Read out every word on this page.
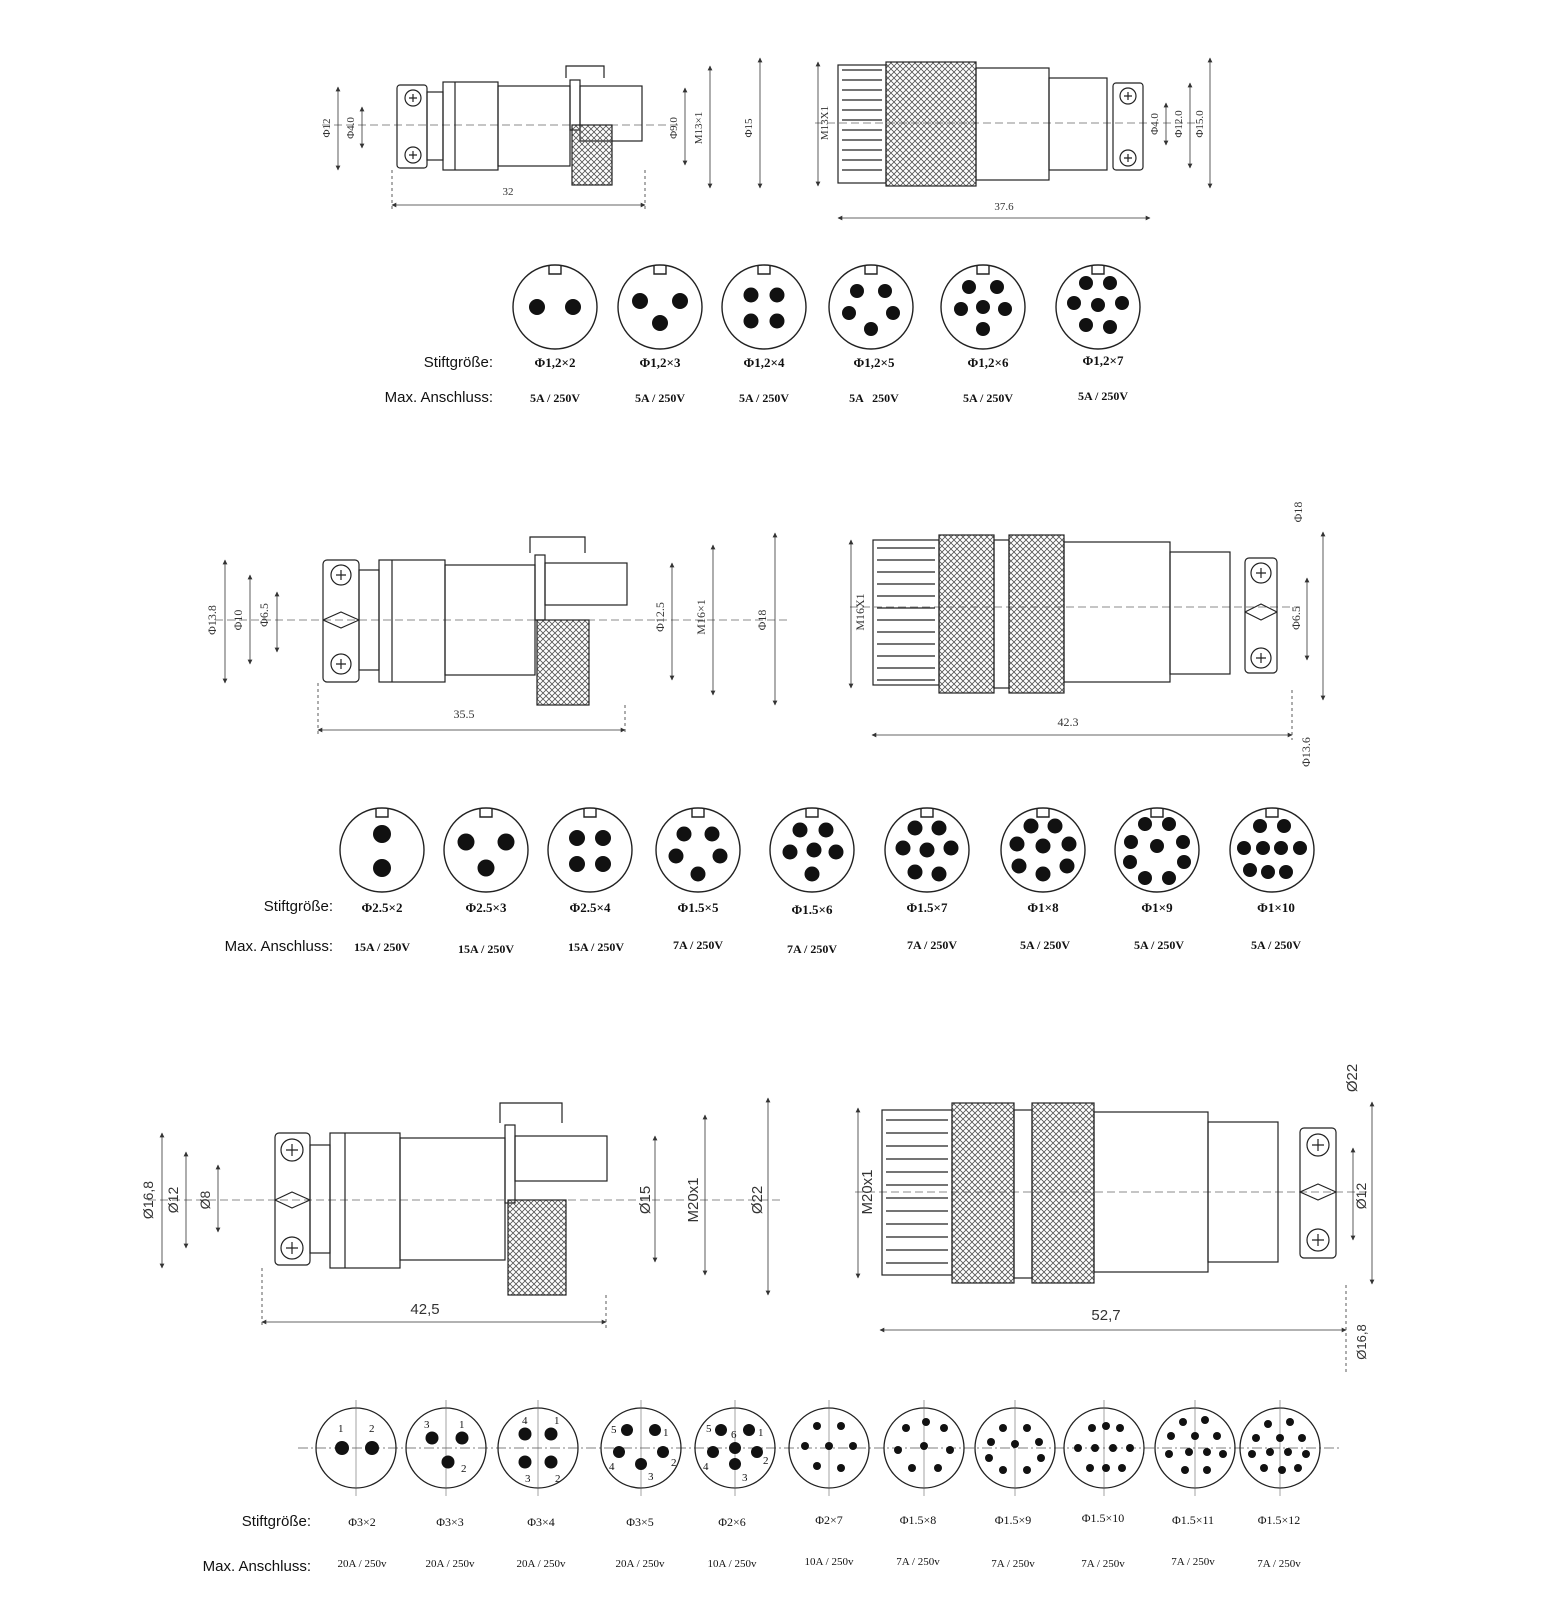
Φ12 Φ4.0	Φ9.0 M13×1	Φ15
32
M13X1	Φ4.0 Φ12.0 Φ15.0
37.6
Stiftgröße:
Max. Anschluss:
Φ1,2×2	Φ1,2×3	Φ1,2×4	Φ1,2×5	Φ1,2×6	Φ1,2×7
5A / 250V	5A / 250V	5A / 250V	5A   250V	5A / 250V	5A / 250V
Φ13.8 Φ10 Φ6.5	Φ12.5 M16×1	Φ18
35.5
M16X1
Φ18
Φ6.5
Φ13.6
42.3
Stiftgröße:
Max. Anschluss:
Φ2.5×2	Φ2.5×3	Φ2.5×4	Φ1.5×5	Φ1.5×6	Φ1.5×7	Φ1×8	Φ1×9	Φ1×10
15A / 250V	15A / 250V	15A / 250V	7A / 250V	7A / 250V	7A / 250V	5A / 250V	5A / 250V	5A / 250V
Ø16,8 Ø12 Ø8	Ø15 M20x1	Ø22
42,5
M20x1
Ø22
Ø12
Ø16,8
52,7
1 2	3	1
2
4 1
3 2
5	1
4	2
3
5 6 1
4	2
3
Stiftgröße:
Max. Anschluss:
Φ3×2	Φ3×3	Φ3×4	Φ3×5	Φ2×6	Φ2×7	Φ1.5×8	Φ1.5×9	Φ1.5×10	Φ1.5×11	Φ1.5×12
20A / 250v	20A / 250v	20A / 250v	20A / 250v	10A / 250v	10A / 250v	7A / 250v	7A / 250v	7A / 250v	7A / 250v	7A / 250v
